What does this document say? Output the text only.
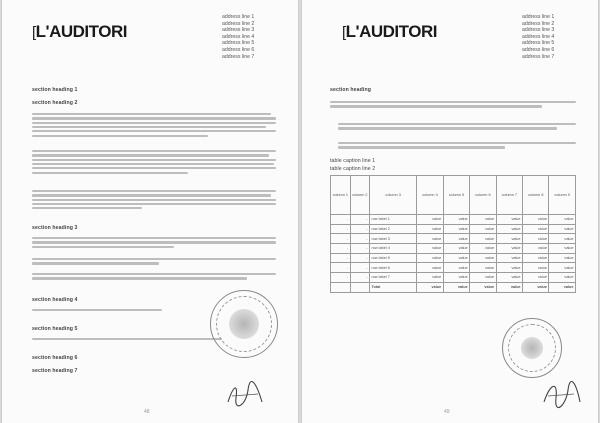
[L'AUDITORI
address line 1
address line 2
address line 3
address line 4
address line 5
address line 6
address line 7
section heading 1
section heading 2
section heading 3
section heading 4
section heading 5
section heading 6
section heading 7
48
[L'AUDITORI
address line 1
address line 2
address line 3
address line 4
address line 5
address line 6
address line 7
section heading
table caption line 1
table caption line 2
column 1	column 2	column 3	column 4	column 5	column 6	column 7	column 8	column 9
-	-	row label 1	value	value	value	value	value	value
-	-	row label 2	value	value	value	value	value	value
-	-	row label 3	value	value	value	value	value	value
-	-	row label 4	value	value	value	value	value	value
-	-	row label 5	value	value	value	value	value	value
-	-	row label 6	value	value	value	value	value	value
-	-	row label 7	value	value	value	value	value	value
		Total	value	value	value	value	value	value
49
